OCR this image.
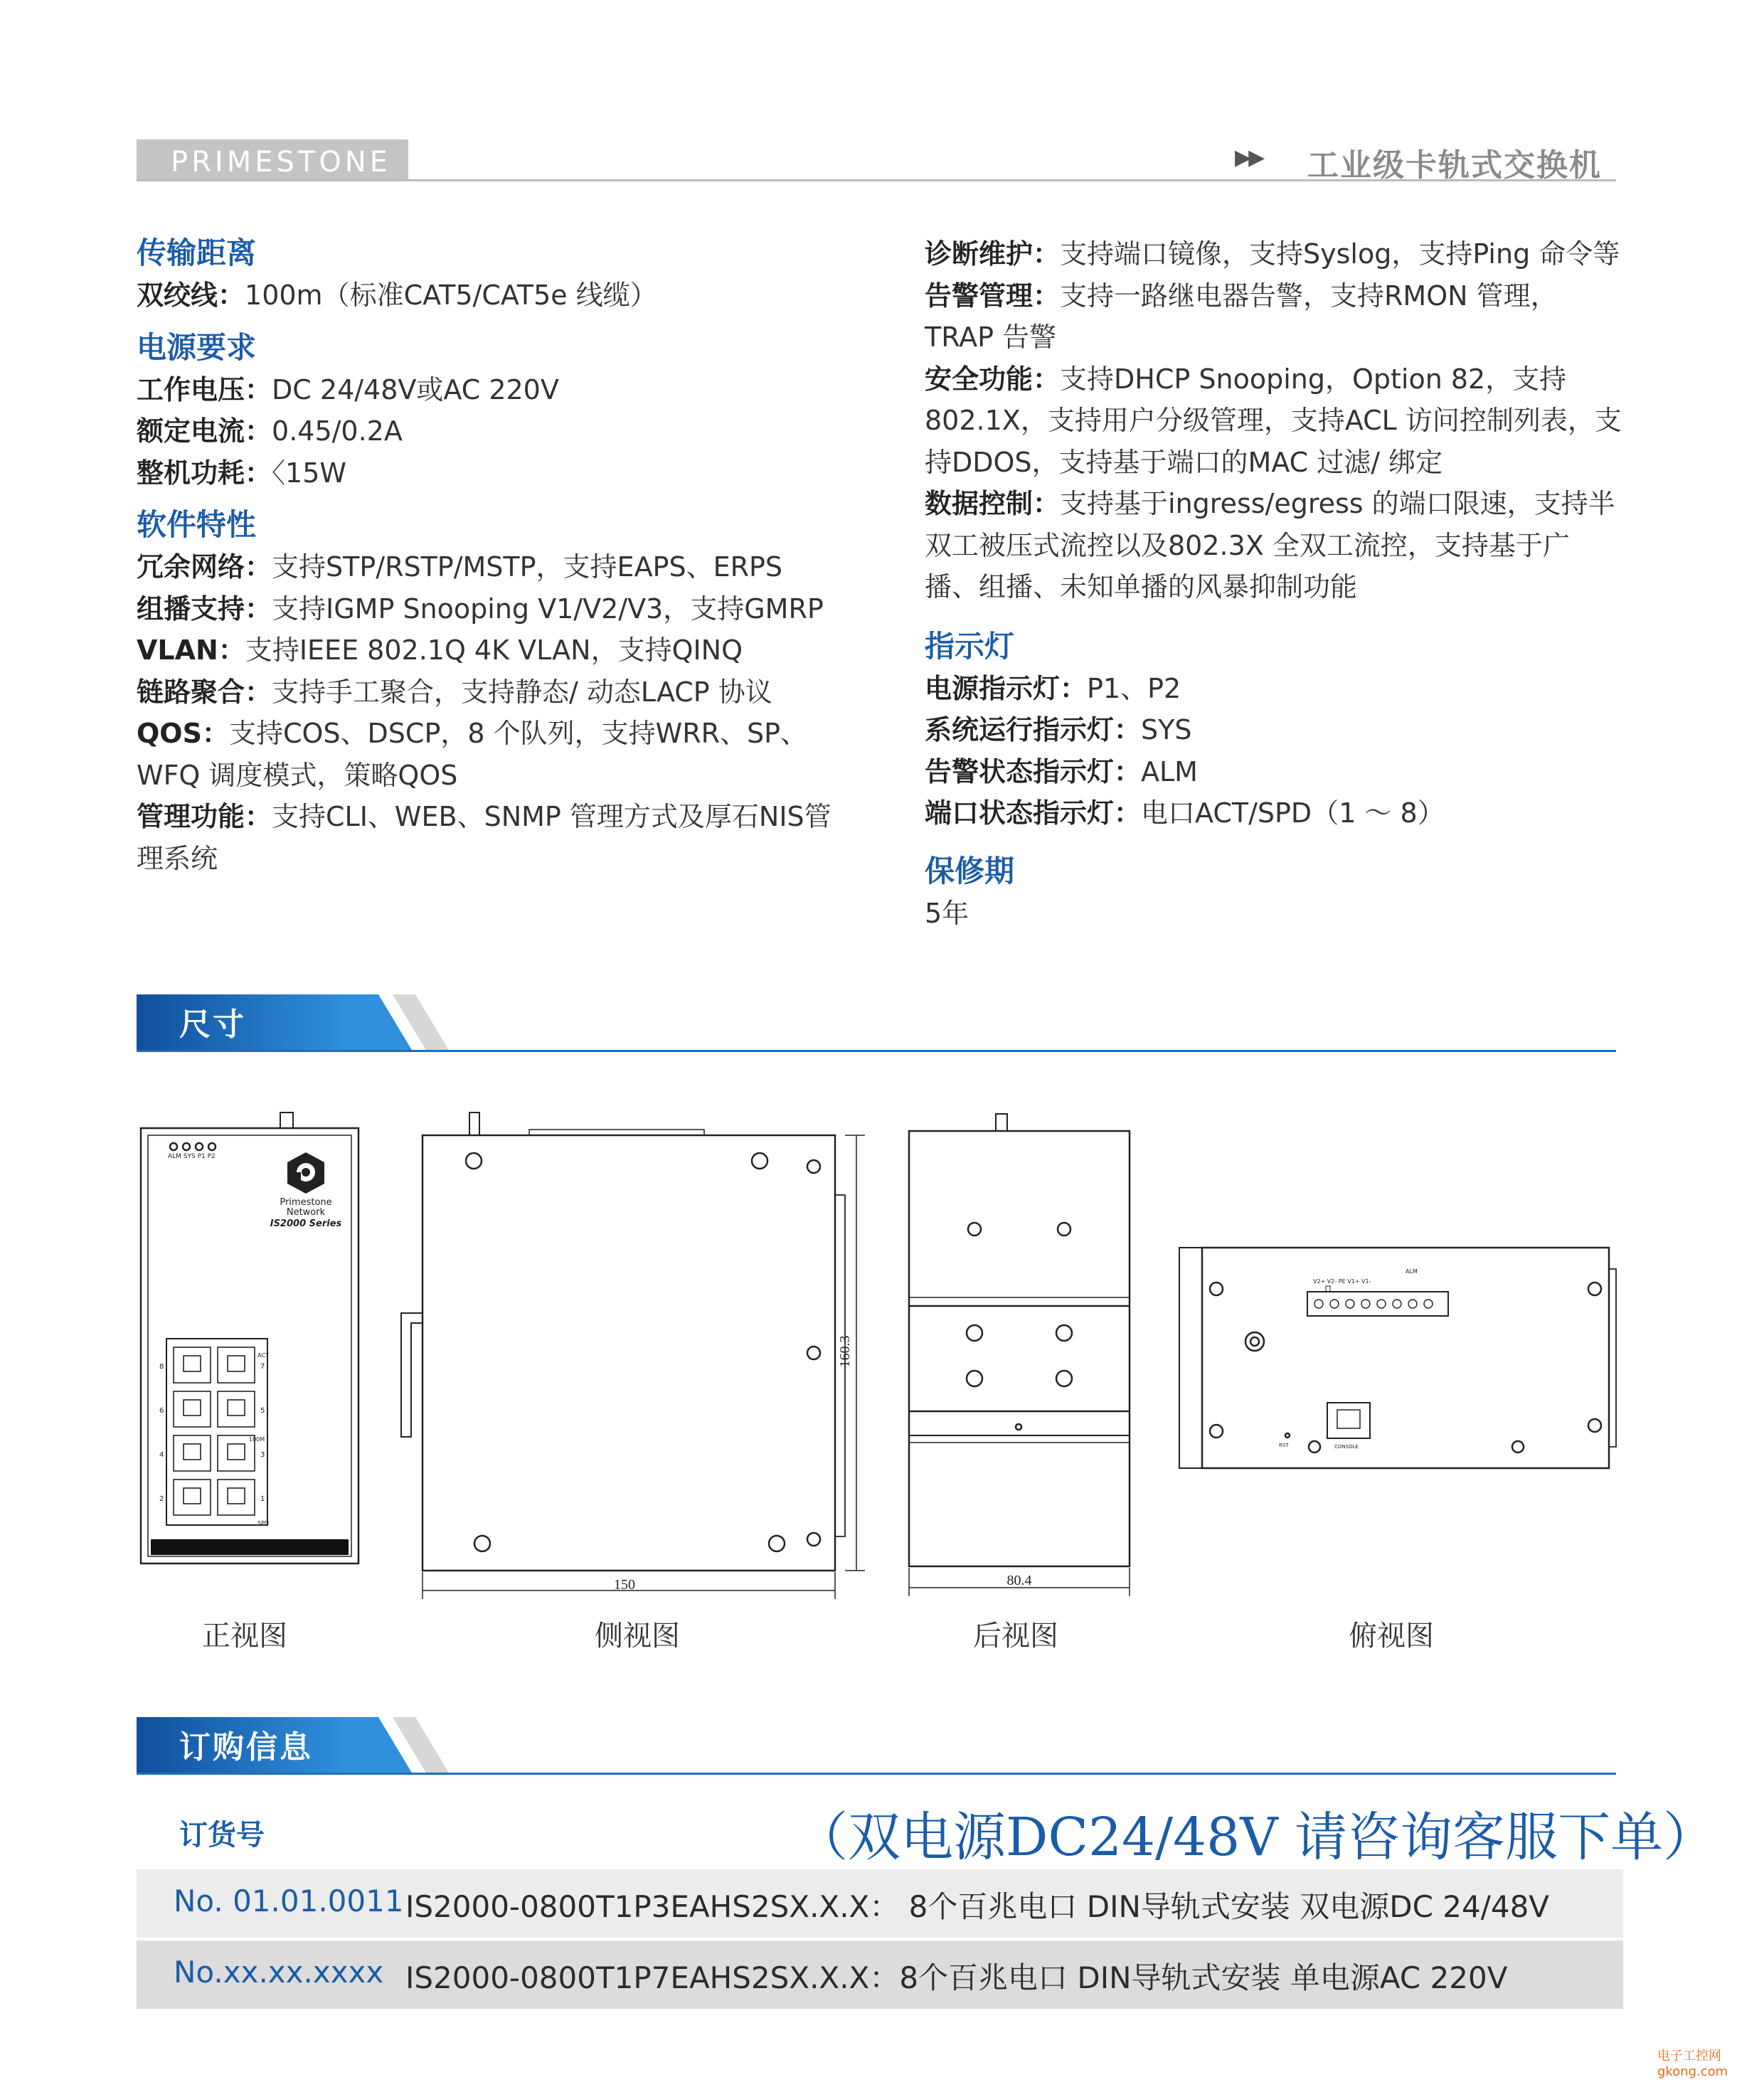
PRIMESTONE	▶▶ 工业级卡轨式交换机
传输距离
双绞线：100m（标准CAT5/CAT5e 线缆）
电源要求
工作电压：DC 24/48V或AC 220V
额定电流：0.45/0.2A
整机功耗：〈15W
软件特性
冗余网络：支持STP/RSTP/MSTP，支持EAPS、ERPS
组播支持：支持IGMP Snooping V1/V2/V3，支持GMRP
VLAN：支持IEEE 802.1Q 4K VLAN，支持QINQ
链路聚合：支持手工聚合，支持静态/ 动态LACP 协议
QOS：支持COS、DSCP，8 个队列，支持WRR、SP、WFQ 调度模式，策略QOS
管理功能：支持CLI、WEB、SNMP 管理方式及厚石NIS管理系统
诊断维护：支持端口镜像，支持Syslog，支持Ping 命令等
告警管理：支持一路继电器告警，支持RMON 管理，TRAP 告警
安全功能：支持DHCP Snooping，Option 82，支持802.1X，支持用户分级管理，支持ACL 访问控制列表，支持DDOS，支持基于端口的MAC 过滤/ 绑定
数据控制：支持基于ingress/egress 的端口限速，支持半双工被压式流控以及802.3X 全双工流控，支持基于广播、组播、未知单播的风暴抑制功能
指示灯
电源指示灯：P1、P2
系统运行指示灯：SYS
告警状态指示灯：ALM
端口状态指示灯：电口ACT/SPD（1 ～ 8）
保修期
5年
尺寸
ALM SYS P1 P2
Primestone
Network
IS2000 Series
8
6
4
2
7
5
3
1
ACT
100M
SPD
正视图
150
160.3
侧视图
80.4
后视图
V2+ V2- PE V1+ V1-
ALM
CONSOLE
RST
俯视图
订购信息
订货号	（双电源DC24/48V 请咨询客服下单）
No. 01.01.0011 IS2000-0800T1P3EAHS2SX.X.X： 8个百兆电口 DIN导轨式安装 双电源DC 24/48V
No.xx.xx.xxxx IS2000-0800T1P7EAHS2SX.X.X：8个百兆电口 DIN导轨式安装 单电源AC 220V
电子工控网 gkong.com
